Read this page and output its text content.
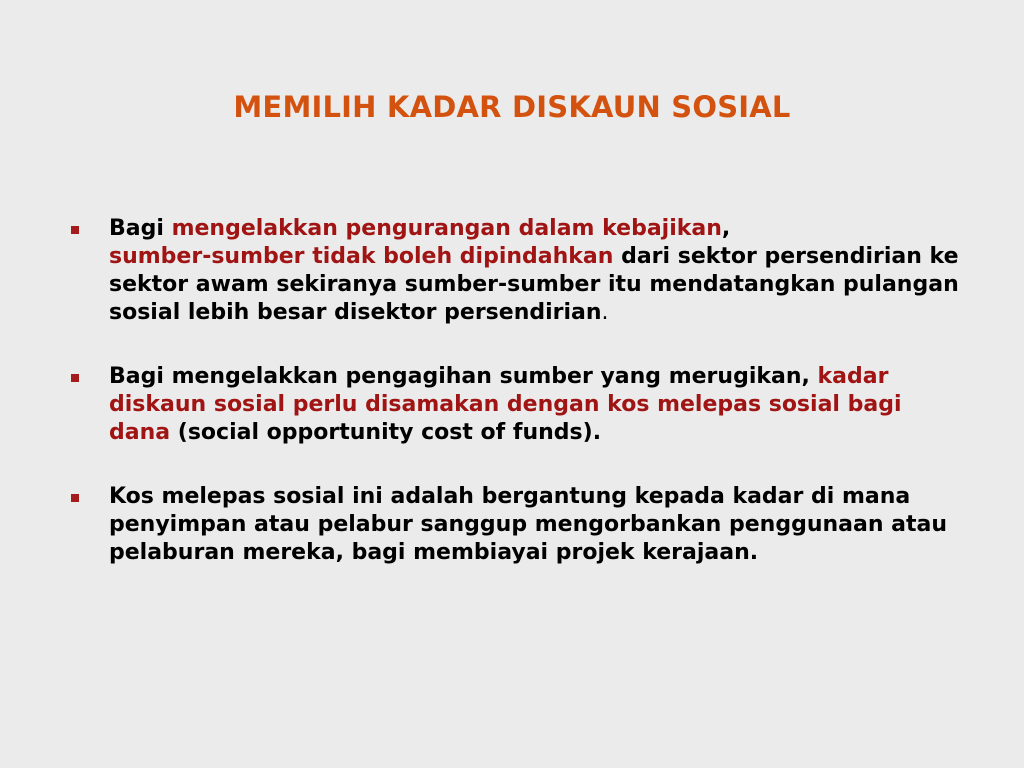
MEMILIH KADAR DISKAUN SOSIAL
Bagi mengelakkan pengurangan dalam kebajikan,
sumber-sumber tidak boleh dipindahkan dari sektor persendirian ke sektor awam sekiranya sumber-sumber itu mendatangkan pulangan sosial lebih besar disektor persendirian.
Bagi mengelakkan pengagihan sumber yang merugikan, kadar diskaun sosial perlu disamakan dengan kos melepas sosial bagi dana (social opportunity cost of funds).
Kos melepas sosial ini adalah bergantung kepada kadar di mana penyimpan atau pelabur sanggup mengorbankan penggunaan atau pelaburan mereka, bagi membiayai projek kerajaan.
